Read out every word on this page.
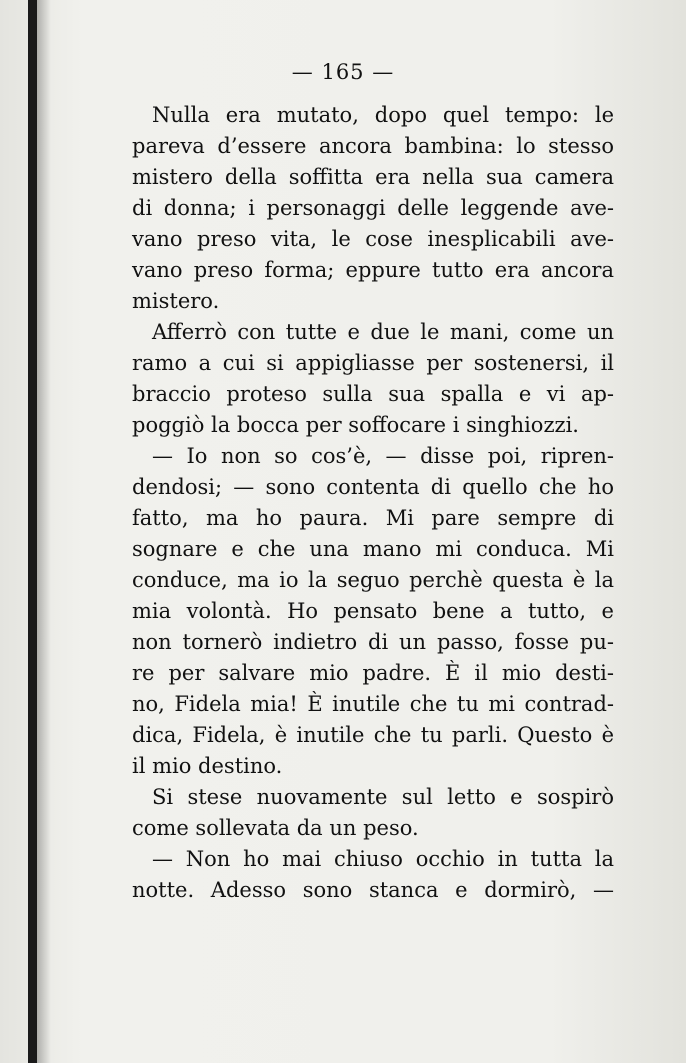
— 165 —
Nulla era mutato, dopo quel tempo: le
pareva d’essere ancora bambina: lo stesso
mistero della soffitta era nella sua camera
di donna; i personaggi delle leggende ave-
vano preso vita, le cose inesplicabili ave-
vano preso forma; eppure tutto era ancora
mistero.
Afferrò con tutte e due le mani, come un
ramo a cui si appigliasse per sostenersi, il
braccio proteso sulla sua spalla e vi ap-
poggiò la bocca per soffocare i singhiozzi.
— Io non so cos’è, — disse poi, ripren-
dendosi; — sono contenta di quello che ho
fatto, ma ho paura. Mi pare sempre di
sognare e che una mano mi conduca. Mi
conduce, ma io la seguo perchè questa è la
mia volontà. Ho pensato bene a tutto, e
non tornerò indietro di un passo, fosse pu-
re per salvare mio padre. È il mio desti-
no, Fidela mia! È inutile che tu mi contrad-
dica, Fidela, è inutile che tu parli. Questo è
il mio destino.
Si stese nuovamente sul letto e sospirò
come sollevata da un peso.
— Non ho mai chiuso occhio in tutta la
notte. Adesso sono stanca e dormirò, —
